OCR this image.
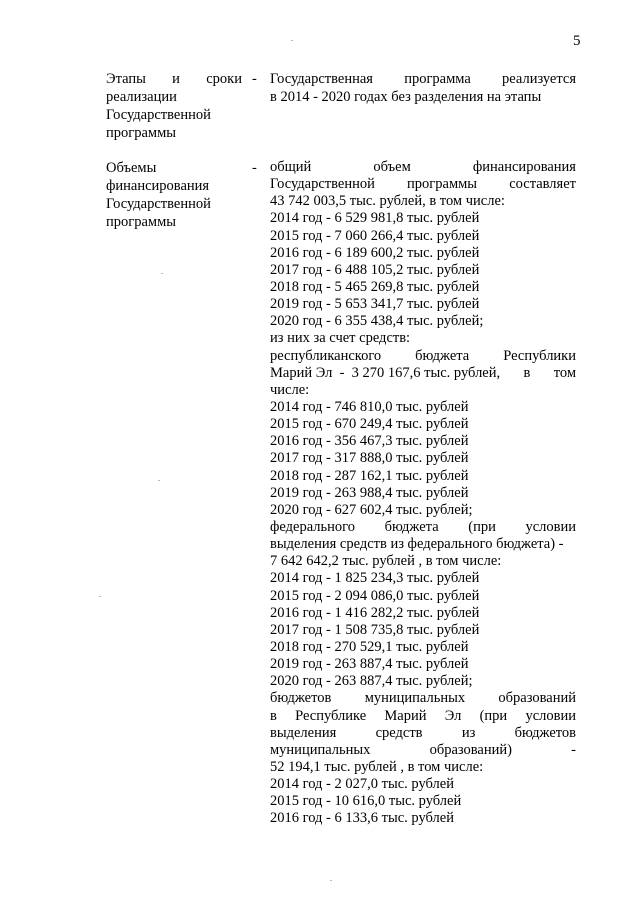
5
Этапы и сроки
реализации
Государственной
программы
- Государственная программа реализуется
в 2014 - 2020 годах без разделения на этапы
Объемы
финансирования
Государственной
программы
- общий	объем	финансирования
Государственной программы составляет
43 742 003,5 тыс. рублей, в том числе:
2014 год - 6 529 981,8 тыс. рублей
2015 год - 7 060 266,4 тыс. рублей
2016 год - 6 189 600,2 тыс. рублей
2017 год - 6 488 105,2 тыс. рублей
2018 год - 5 465 269,8 тыс. рублей
2019 год - 5 653 341,7 тыс. рублей
2020 год - 6 355 438,4 тыс. рублей;
из них за счет средств:
республиканского бюджета Республики
Марий Эл  -  3 270 167,6 тыс. рублей, в том
числе:
2014 год - 746 810,0 тыс. рублей
2015 год - 670 249,4 тыс. рублей
2016 год - 356 467,3 тыс. рублей
2017 год - 317 888,0 тыс. рублей
2018 год - 287 162,1 тыс. рублей
2019 год - 263 988,4 тыс. рублей
2020 год - 627 602,4 тыс. рублей;
федерального бюджета (при условии
выделения средств из федерального бюджета) -
7 642 642,2 тыс. рублей , в том числе:
2014 год - 1 825 234,3 тыс. рублей
2015 год - 2 094 086,0 тыс. рублей
2016 год - 1 416 282,2 тыс. рублей
2017 год - 1 508 735,8 тыс. рублей
2018 год - 270 529,1 тыс. рублей
2019 год - 263 887,4 тыс. рублей
2020 год - 263 887,4 тыс. рублей;
бюджетов муниципальных образований
в Республике Марий Эл (при условии
выделения	средств	из	бюджетов
муниципальных	образований)	-
52 194,1 тыс. рублей , в том числе:
2014 год - 2 027,0 тыс. рублей
2015 год - 10 616,0 тыс. рублей
2016 год - 6 133,6 тыс. рублей
